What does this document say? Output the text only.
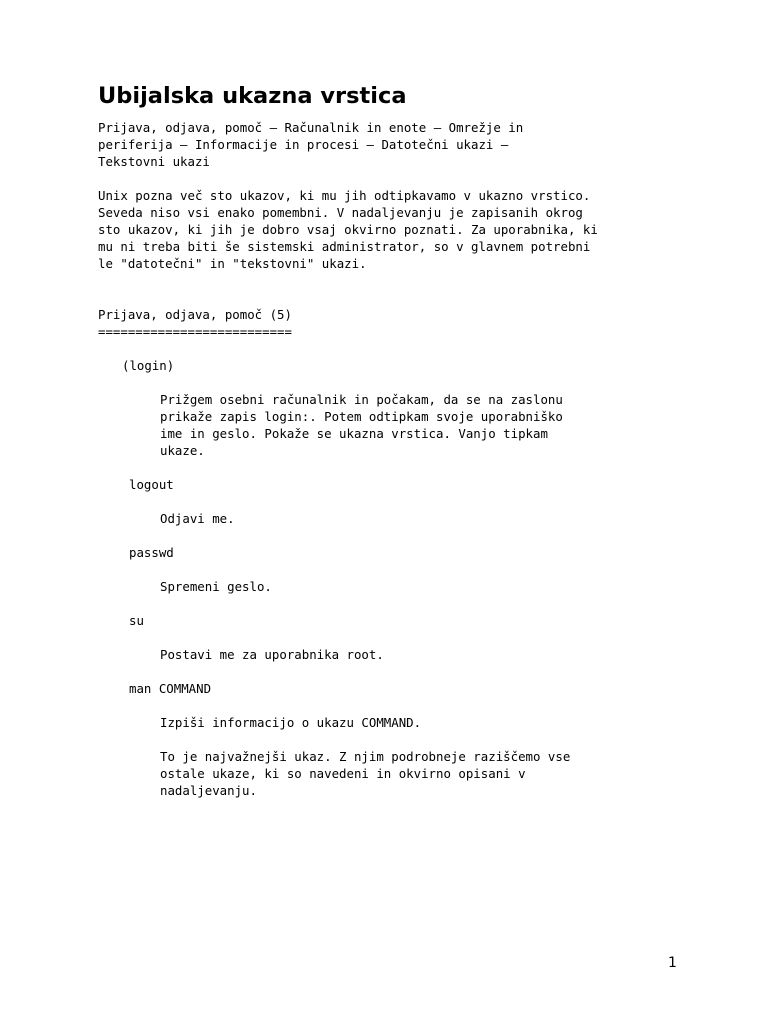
Ubijalska ukazna vrstica

Prijava, odjava, pomoč — Računalnik in enote — Omrežje in

periferija — Informacije in procesi — Datotečni ukazi —

Tekstovni ukazi

Unix pozna več sto ukazov, ki mu jih odtipkavamo v ukazno vrstico.

Seveda niso vsi enako pomembni. V nadaljevanju je zapisanih okrog

sto ukazov, ki jih je dobro vsaj okvirno poznati. Za uporabnika, ki

mu ni treba biti še sistemski administrator, so v glavnem potrebni

le "datotečni" in "tekstovni" ukazi.

Prijava, odjava, pomoč (5)

==========================

(login)

Prižgem osebni računalnik in počakam, da se na zaslonu

prikaže zapis login:. Potem odtipkam svoje uporabniško

ime in geslo. Pokaže se ukazna vrstica. Vanjo tipkam

ukaze.

logout

Odjavi me.

passwd

Spremeni geslo.

su

Postavi me za uporabnika root.

man COMMAND

Izpiši informacijo o ukazu COMMAND.

To je najvažnejši ukaz. Z njim podrobneje raziščemo vse

ostale ukaze, ki so navedeni in okvirno opisani v

nadaljevanju.

1
